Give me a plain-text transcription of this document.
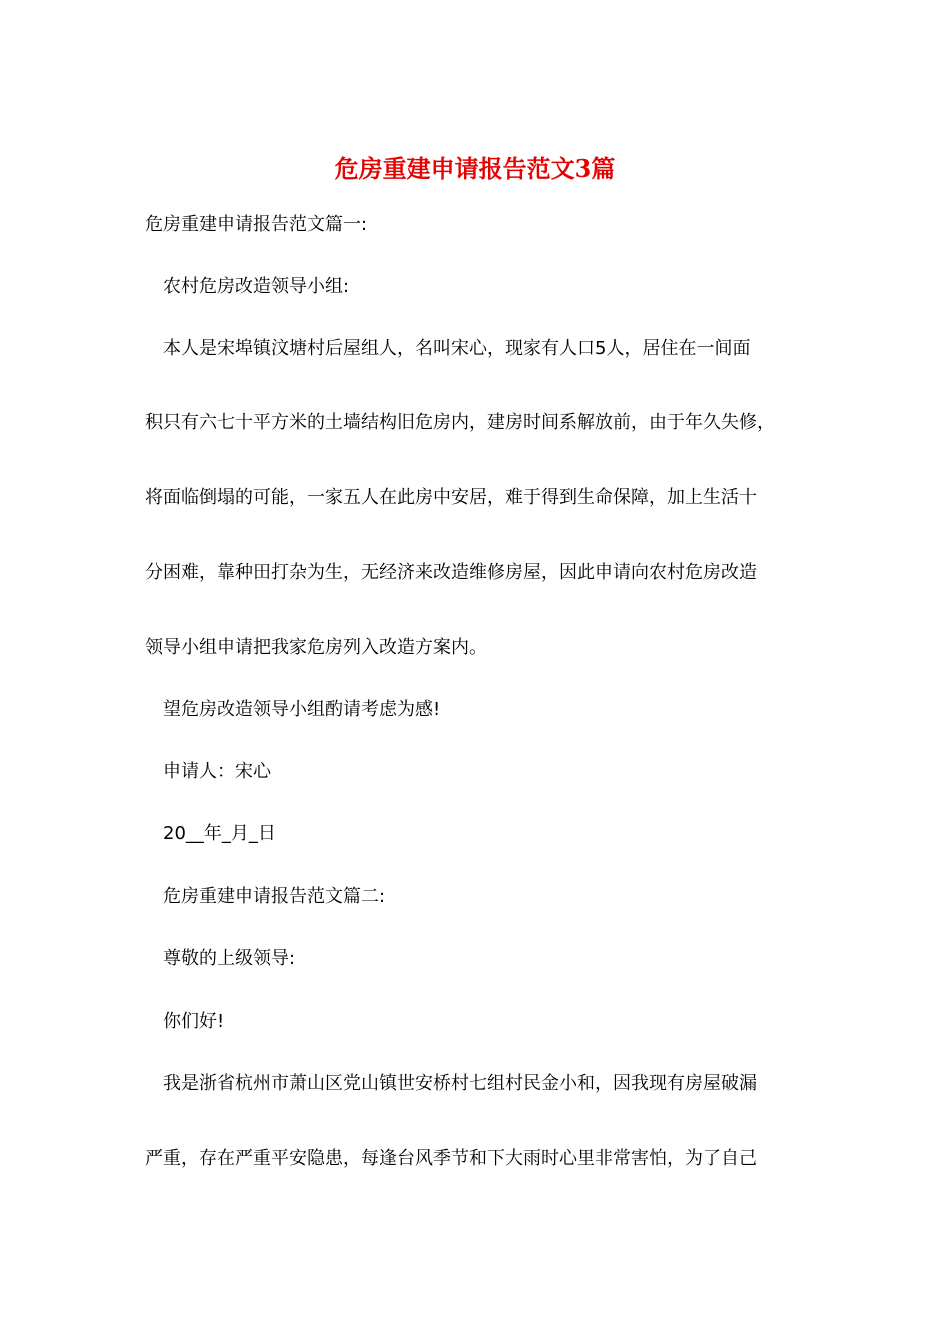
危房重建申请报告范文3篇

危房重建申请报告范文篇一:

农村危房改造领导小组:

本人是宋埠镇汶塘村后屋组人，名叫宋心，现家有人口5人，居住在一间面

积只有六七十平方米的土墙结构旧危房内，建房时间系解放前，由于年久失修，

将面临倒塌的可能，一家五人在此房中安居，难于得到生命保障，加上生活十

分困难，靠种田打杂为生，无经济来改造维修房屋，因此申请向农村危房改造

领导小组申请把我家危房列入改造方案内。

望危房改造领导小组酌请考虑为感!

申请人：宋心

20__年_月_日

危房重建申请报告范文篇二:

尊敬的上级领导:

你们好!

我是浙省杭州市萧山区党山镇世安桥村七组村民金小和，因我现有房屋破漏

严重，存在严重平安隐患，每逢台风季节和下大雨时心里非常害怕，为了自己
